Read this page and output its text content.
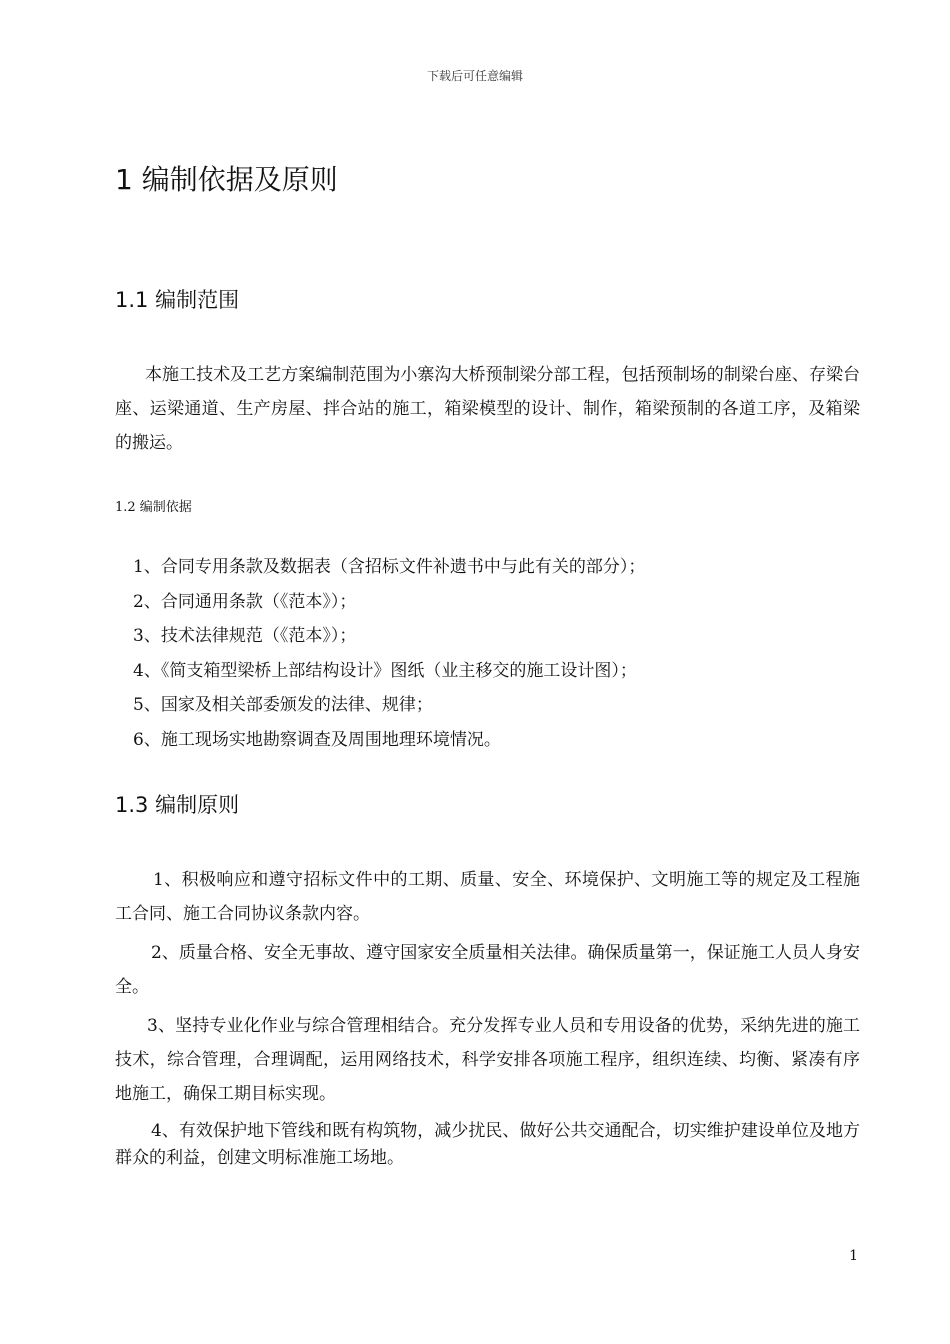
下载后可任意编辑
1 编制依据及原则
1.1 编制范围
本施工技术及工艺方案编制范围为小寨沟大桥预制梁分部工程，包括预制场的制梁台座、存梁台座、运梁通道、生产房屋、拌合站的施工，箱梁模型的设计、制作，箱梁预制的各道工序，及箱梁的搬运。
1.2 编制依据
1、合同专用条款及数据表（含招标文件补遗书中与此有关的部分）；
2、合同通用条款（《范本》）；
3、技术法律规范（《范本》）；
4、《简支箱型梁桥上部结构设计》图纸（业主移交的施工设计图）；
5、国家及相关部委颁发的法律、规律；
6、施工现场实地勘察调查及周围地理环境情况。
1.3 编制原则
1、积极响应和遵守招标文件中的工期、质量、安全、环境保护、文明施工等的规定及工程施工合同、施工合同协议条款内容。
2、质量合格、安全无事故、遵守国家安全质量相关法律。确保质量第一，保证施工人员人身安全。
3、坚持专业化作业与综合管理相结合。充分发挥专业人员和专用设备的优势，采纳先进的施工技术，综合管理，合理调配，运用网络技术，科学安排各项施工程序，组织连续、均衡、紧凑有序地施工，确保工期目标实现。
4、有效保护地下管线和既有构筑物，减少扰民、做好公共交通配合，切实维护建设单位及地方群众的利益，创建文明标准施工场地。
1
